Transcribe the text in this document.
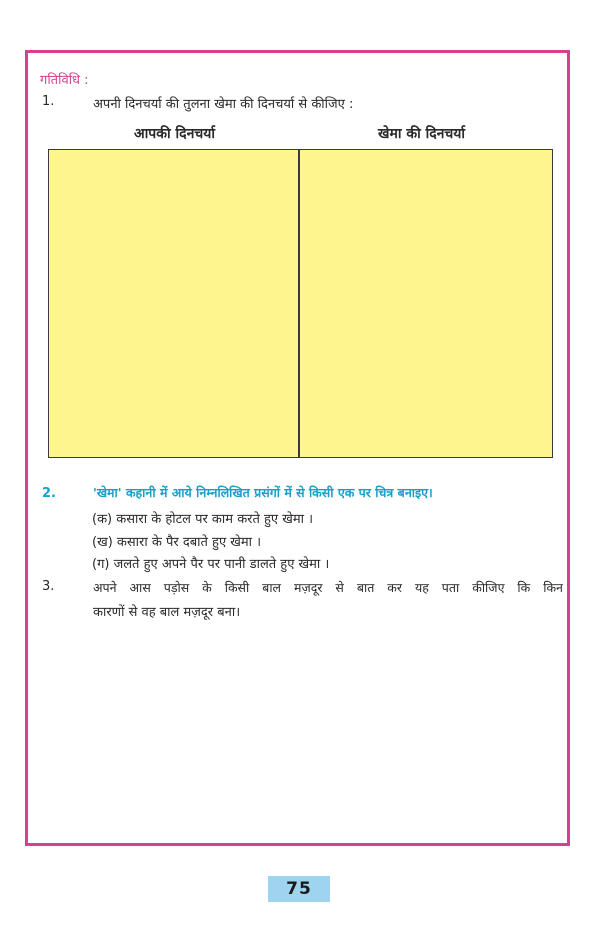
गतिविधि :
1.	अपनी दिनचर्या की तुलना खेमा की दिनचर्या से कीजिए :
आपकी दिनचर्या	खेमा की दिनचर्या
2.	'खेमा' कहानी में आये निम्नलिखित प्रसंगों में से किसी एक पर चित्र बनाइए।
(क) कसारा के होटल पर काम करते हुए खेमा ।
(ख) कसारा के पैर दबाते हुए खेमा ।
(ग) जलते हुए अपने पैर पर पानी डालते हुए खेमा ।
3.	अपने आस पड़ोस के किसी बाल मज़दूर से बात कर यह पता कीजिए कि किन
कारणों से वह बाल मज़दूर बना।
75
